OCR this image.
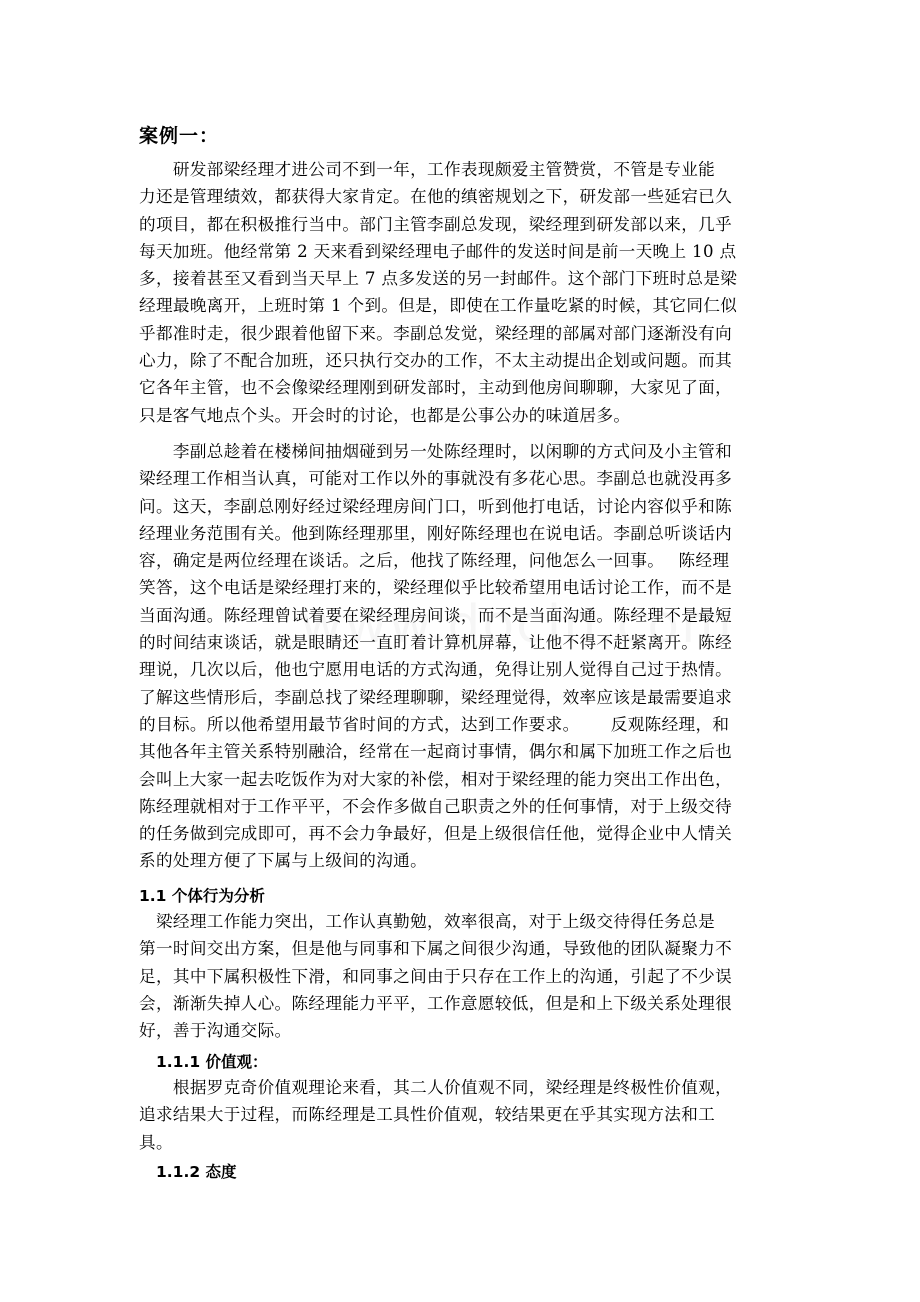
案例一：
　　研发部梁经理才进公司不到一年，工作表现颇爱主管赞赏，不管是专业能
力还是管理绩效，都获得大家肯定。在他的缜密规划之下，研发部一些延宕已久
的项目，都在积极推行当中。部门主管李副总发现，梁经理到研发部以来，几乎
每天加班。他经常第 2 天来看到梁经理电子邮件的发送时间是前一天晚上 10 点
多，接着甚至又看到当天早上 7 点多发送的另一封邮件。这个部门下班时总是梁
经理最晚离开，上班时第 1 个到。但是，即使在工作量吃紧的时候，其它同仁似
乎都准时走，很少跟着他留下来。李副总发觉，梁经理的部属对部门逐渐没有向
心力，除了不配合加班，还只执行交办的工作，不太主动提出企划或问题。而其
它各年主管，也不会像梁经理刚到研发部时，主动到他房间聊聊，大家见了面，
只是客气地点个头。开会时的讨论，也都是公事公办的味道居多。
　　李副总趁着在楼梯间抽烟碰到另一处陈经理时，以闲聊的方式问及小主管和
梁经理工作相当认真，可能对工作以外的事就没有多花心思。李副总也就没再多
问。这天，李副总刚好经过梁经理房间门口，听到他打电话，讨论内容似乎和陈
经理业务范围有关。他到陈经理那里，刚好陈经理也在说电话。李副总听谈话内
容，确定是两位经理在谈话。之后，他找了陈经理，问他怎么一回事。　 陈经理
笑答，这个电话是梁经理打来的，梁经理似乎比较希望用电话讨论工作，而不是
当面沟通。陈经理曾试着要在梁经理房间谈，而不是当面沟通。陈经理不是最短
的时间结束谈话，就是眼睛还一直盯着计算机屏幕，让他不得不赶紧离开。陈经
理说，几次以后，他也宁愿用电话的方式沟通，免得让别人觉得自己过于热情。
了解这些情形后，李副总找了梁经理聊聊，梁经理觉得，效率应该是最需要追求
的目标。所以他希望用最节省时间的方式，达到工作要求。　　 反观陈经理，和
其他各年主管关系特别融洽，经常在一起商讨事情，偶尔和属下加班工作之后也
会叫上大家一起去吃饭作为对大家的补偿，相对于梁经理的能力突出工作出色，
陈经理就相对于工作平平，不会作多做自己职责之外的任何事情，对于上级交待
的任务做到完成即可，再不会力争最好，但是上级很信任他，觉得企业中人情关
系的处理方便了下属与上级间的沟通。
1.1 个体行为分析
　梁经理工作能力突出，工作认真勤勉，效率很高，对于上级交待得任务总是
第一时间交出方案，但是他与同事和下属之间很少沟通，导致他的团队凝聚力不
足，其中下属积极性下滑，和同事之间由于只存在工作上的沟通，引起了不少误
会，渐渐失掉人心。陈经理能力平平，工作意愿较低，但是和上下级关系处理很
好，善于沟通交际。
1.1.1 价值观：
　　根据罗克奇价值观理论来看，其二人价值观不同，梁经理是终极性价值观，
追求结果大于过程，而陈经理是工具性价值观，较结果更在乎其实现方法和工
具。
1.1.2 态度
